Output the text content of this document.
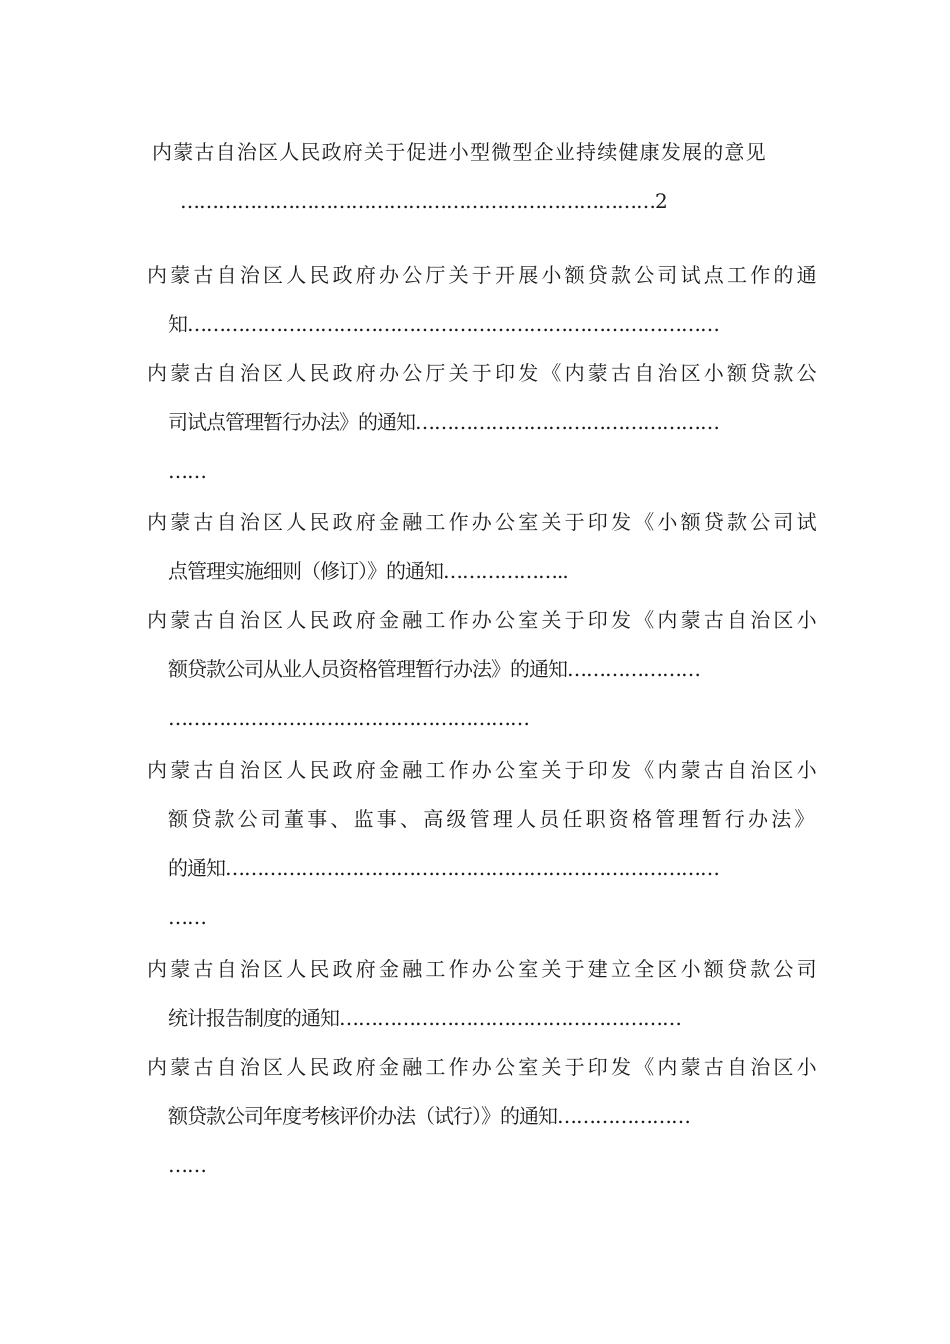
内蒙古自治区人民政府关于促进小型微型企业持续健康发展的意见

…………………………………………………………………2

内蒙古自治区人民政府办公厅关于开展小额贷款公司试点工作的通

知…………………………………………………………………………

内蒙古自治区人民政府办公厅关于印发《内蒙古自治区小额贷款公

司试点管理暂行办法》的通知…………………………………………

……

内蒙古自治区人民政府金融工作办公室关于印发《小额贷款公司试

点管理实施细则（修订）》的通知………………..

内蒙古自治区人民政府金融工作办公室关于印发《内蒙古自治区小

额贷款公司从业人员资格管理暂行办法》的通知…………………

…………………………………………………

内蒙古自治区人民政府金融工作办公室关于印发《内蒙古自治区小

额贷款公司董事、监事、高级管理人员任职资格管理暂行办法》

的通知……………………………………………………………………

……

内蒙古自治区人民政府金融工作办公室关于建立全区小额贷款公司

统计报告制度的通知………………………………………………

内蒙古自治区人民政府金融工作办公室关于印发《内蒙古自治区小

额贷款公司年度考核评价办法（试行）》的通知…………………

……
